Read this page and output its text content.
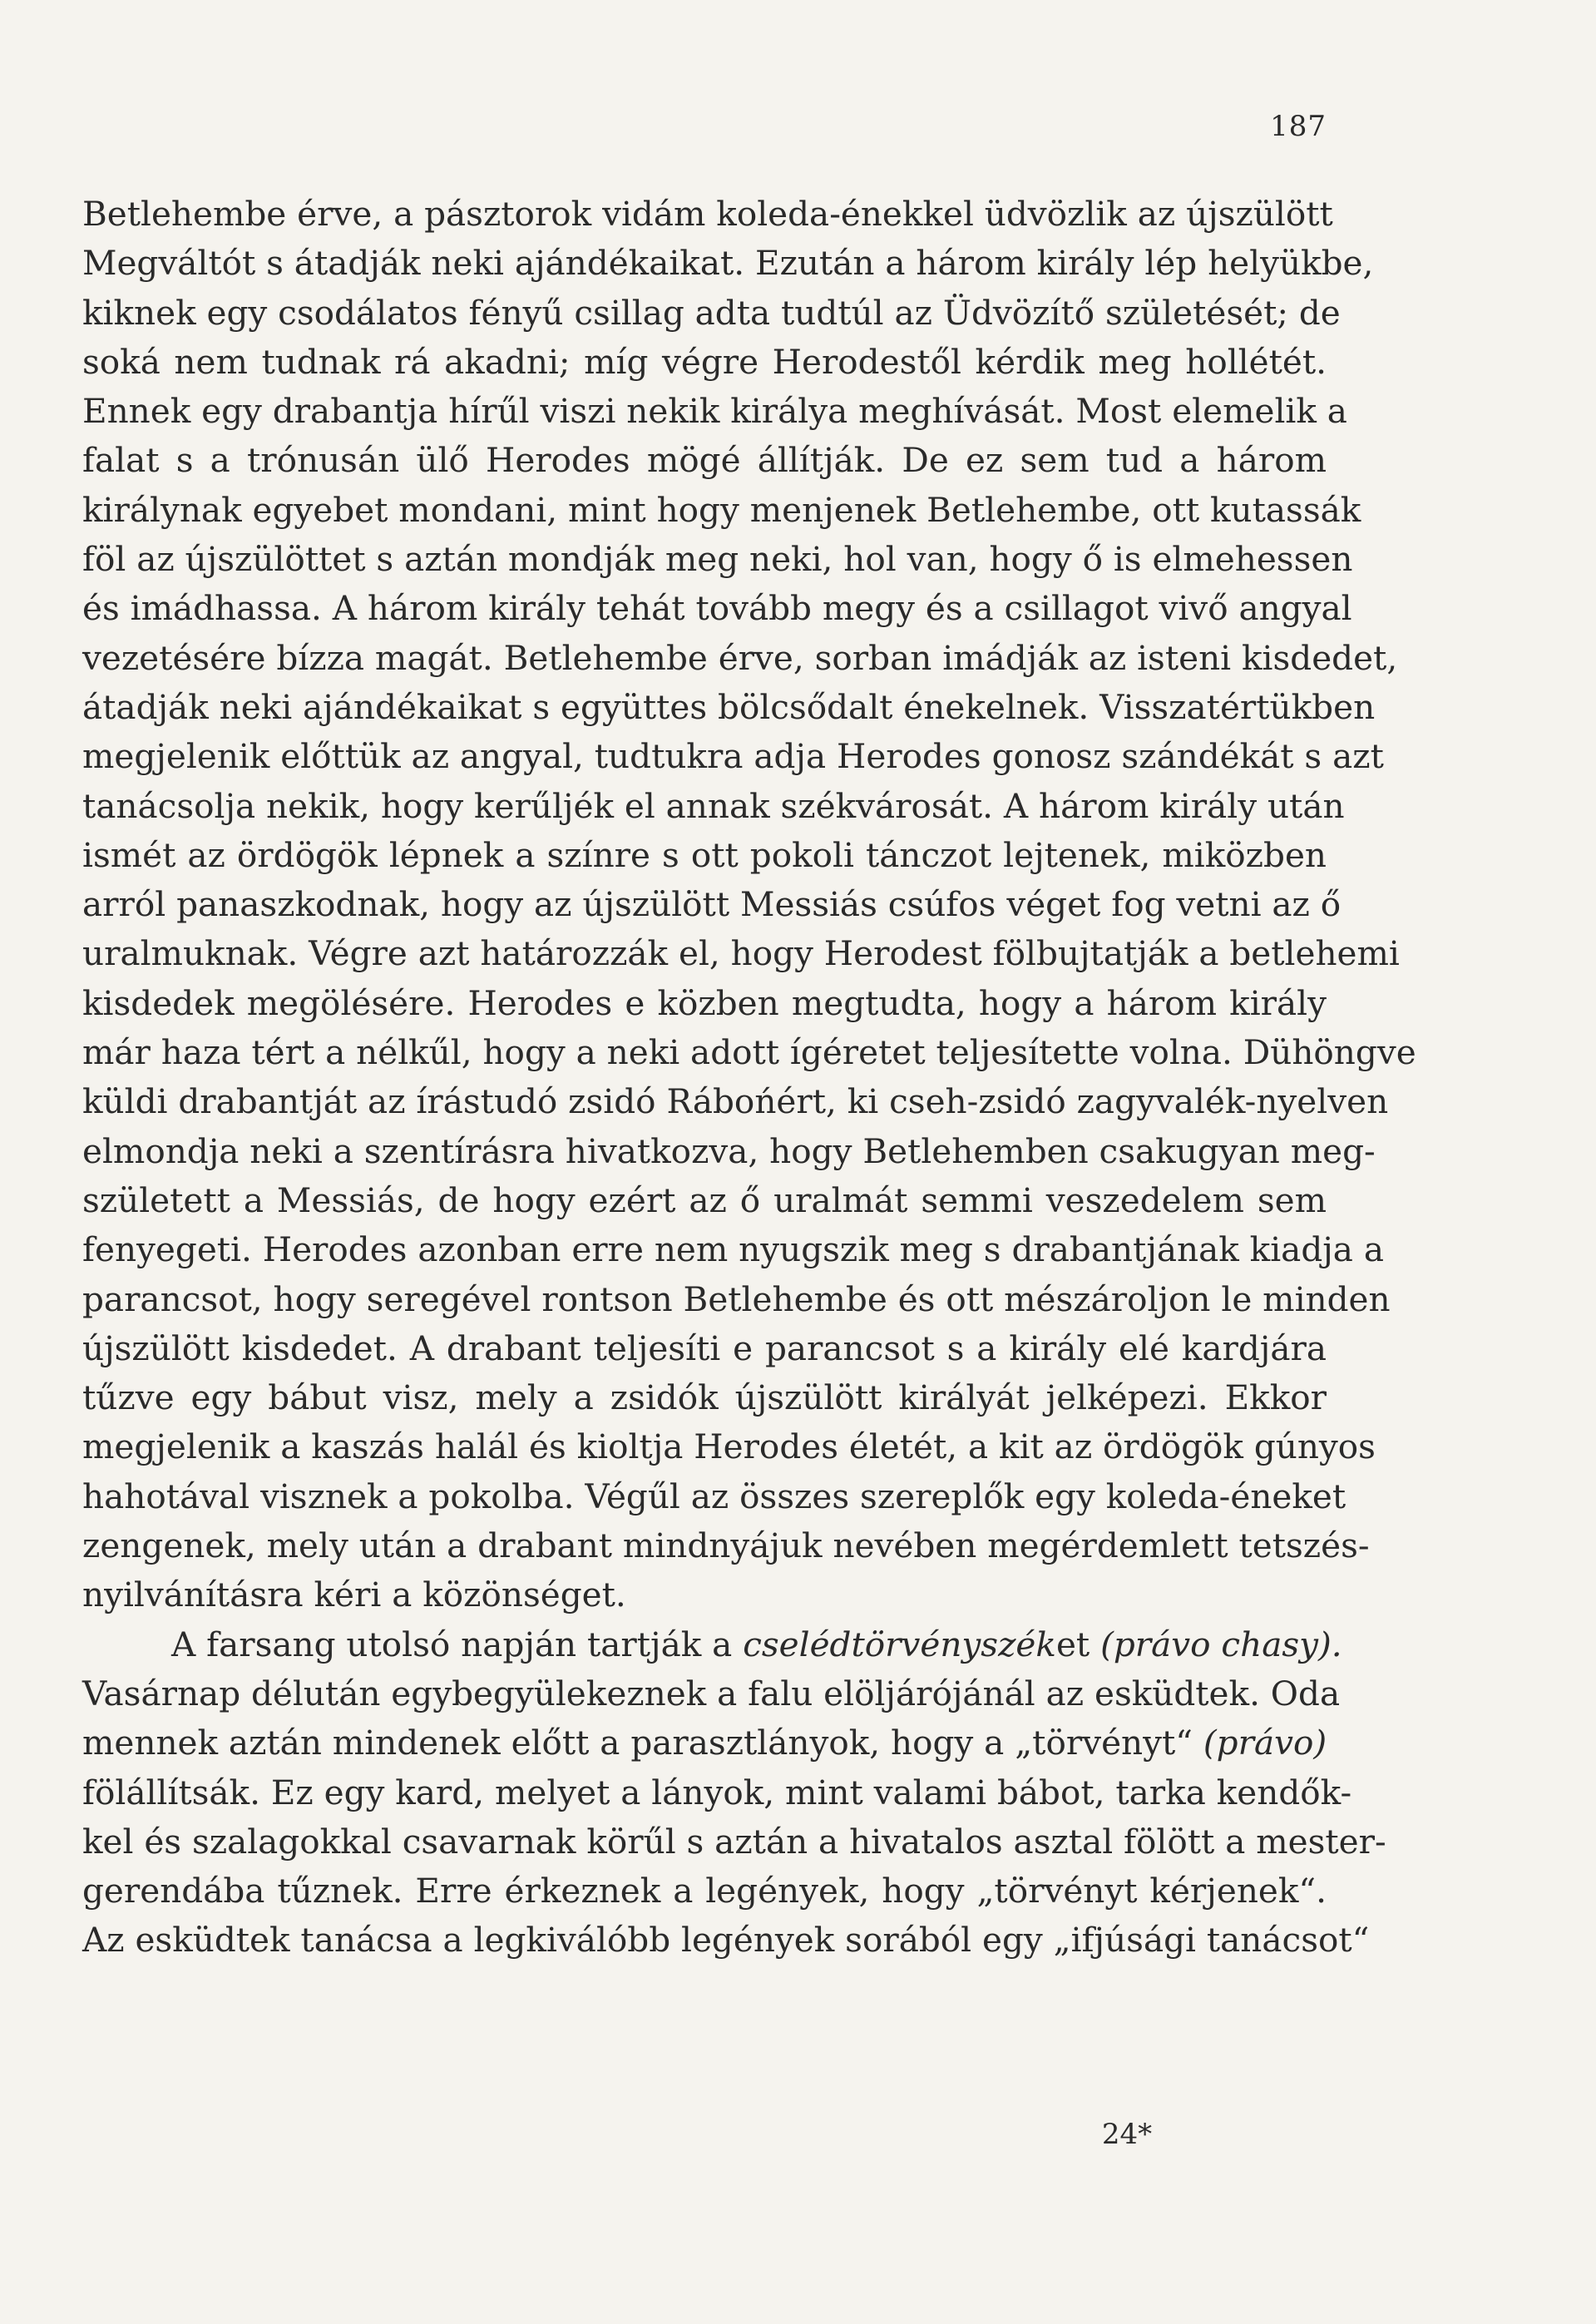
187
Betlehembe érve, a pásztorok vidám koleda-énekkel üdvözlik az újszülött
Megváltót s átadják neki ajándékaikat. Ezután a három király lép helyükbe,
kiknek egy csodálatos fényű csillag adta tudtúl az Üdvözítő születését; de
soká nem tudnak rá akadni; míg végre Herodestől kérdik meg hollétét.
Ennek egy drabantja hírűl viszi nekik királya meghívását. Most elemelik a
falat s a trónusán ülő Herodes mögé állítják. De ez sem tud a három
királynak egyebet mondani, mint hogy menjenek Betlehembe, ott kutassák
föl az újszülöttet s aztán mondják meg neki, hol van, hogy ő is elmehessen
és imádhassa. A három király tehát tovább megy és a csillagot vivő angyal
vezetésére bízza magát. Betlehembe érve, sorban imádják az isteni kisdedet,
átadják neki ajándékaikat s együttes bölcsődalt énekelnek. Visszatértükben
megjelenik előttük az angyal, tudtukra adja Herodes gonosz szándékát s azt
tanácsolja nekik, hogy kerűljék el annak székvárosát. A három király után
ismét az ördögök lépnek a színre s ott pokoli tánczot lejtenek, miközben
arról panaszkodnak, hogy az újszülött Messiás csúfos véget fog vetni az ő
uralmuknak. Végre azt határozzák el, hogy Herodest fölbujtatják a betlehemi
kisdedek megölésére. Herodes e közben megtudta, hogy a három király
már haza tért a nélkűl, hogy a neki adott ígéretet teljesítette volna. Dühöngve
küldi drabantját az írástudó zsidó Rábońért, ki cseh-zsidó zagyvalék-nyelven
elmondja neki a szentírásra hivatkozva, hogy Betlehemben csakugyan meg-
született a Messiás, de hogy ezért az ő uralmát semmi veszedelem sem
fenyegeti. Herodes azonban erre nem nyugszik meg s drabantjának kiadja a
parancsot, hogy seregével rontson Betlehembe és ott mészároljon le minden
újszülött kisdedet. A drabant teljesíti e parancsot s a király elé kardjára
tűzve egy bábut visz, mely a zsidók újszülött királyát jelképezi. Ekkor
megjelenik a kaszás halál és kioltja Herodes életét, a kit az ördögök gúnyos
hahotával visznek a pokolba. Végűl az összes szereplők egy koleda-éneket
zengenek, mely után a drabant mindnyájuk nevében megérdemlett tetszés-
nyilvánításra kéri a közönséget.
A farsang utolsó napján tartják a cselédtörvényszéket (právo chasy).
Vasárnap délután egybegyülekeznek a falu elöljárójánál az esküdtek. Oda
mennek aztán mindenek előtt a parasztlányok, hogy a „törvényt“ (právo)
fölállítsák. Ez egy kard, melyet a lányok, mint valami bábot, tarka kendők-
kel és szalagokkal csavarnak körűl s aztán a hivatalos asztal fölött a mester-
gerendába tűznek. Erre érkeznek a legények, hogy „törvényt kérjenek“.
Az esküdtek tanácsa a legkiválóbb legények sorából egy „ifjúsági tanácsot“
24*
